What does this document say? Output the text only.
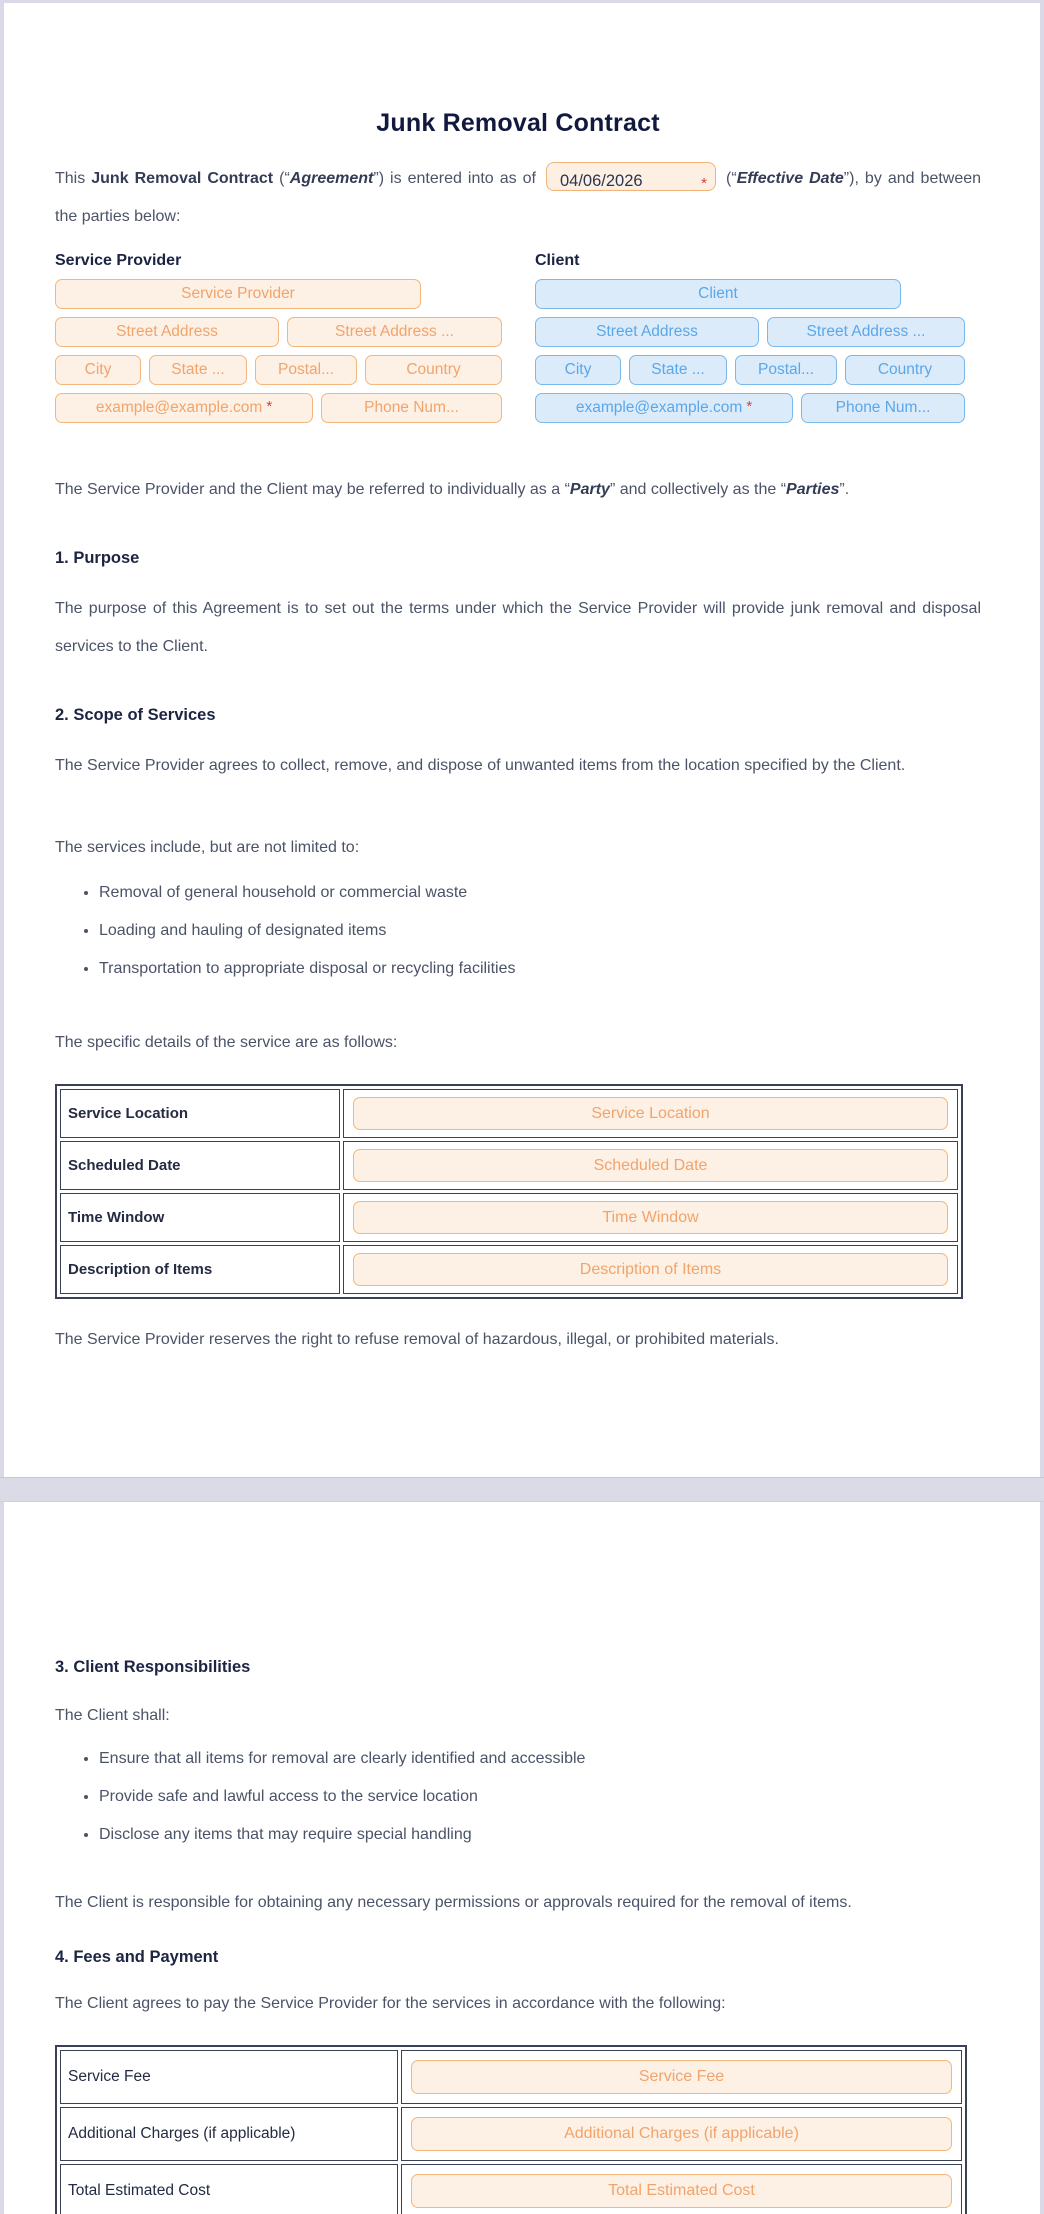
Junk Removal Contract

This Junk Removal Contract (“Agreement”) is entered into as of 04/06/2026	* (“Effective Date”), by and between the parties below:

Service Provider
Service Provider
Street Address	Street Address ...
City	State ...	Postal...	Country
example@example.com *	Phone Num...
Client
Client
Street Address	Street Address ...
City	State ...	Postal...	Country
example@example.com *	Phone Num...

The Service Provider and the Client may be referred to individually as a “Party” and collectively as the “Parties”.

1. Purpose

The purpose of this Agreement is to set out the terms under which the Service Provider will provide junk removal and disposal services to the Client.

2. Scope of Services

The Service Provider agrees to collect, remove, and dispose of unwanted items from the location specified by the Client.

The services include, but are not limited to:

• Removal of general household or commercial waste
• Loading and hauling of designated items
• Transportation to appropriate disposal or recycling facilities

The specific details of the service are as follows:

Service Location	Service Location

Scheduled Date	Scheduled Date

Time Window	Time Window

Description of Items	Description of Items

The Service Provider reserves the right to refuse removal of hazardous, illegal, or prohibited materials.

3. Client Responsibilities

The Client shall:

• Ensure that all items for removal are clearly identified and accessible
• Provide safe and lawful access to the service location
• Disclose any items that may require special handling

The Client is responsible for obtaining any necessary permissions or approvals required for the removal of items.

4. Fees and Payment

The Client agrees to pay the Service Provider for the services in accordance with the following:

Service Fee	Service Fee

Additional Charges (if applicable)	Additional Charges (if applicable)

Total Estimated Cost	Total Estimated Cost
